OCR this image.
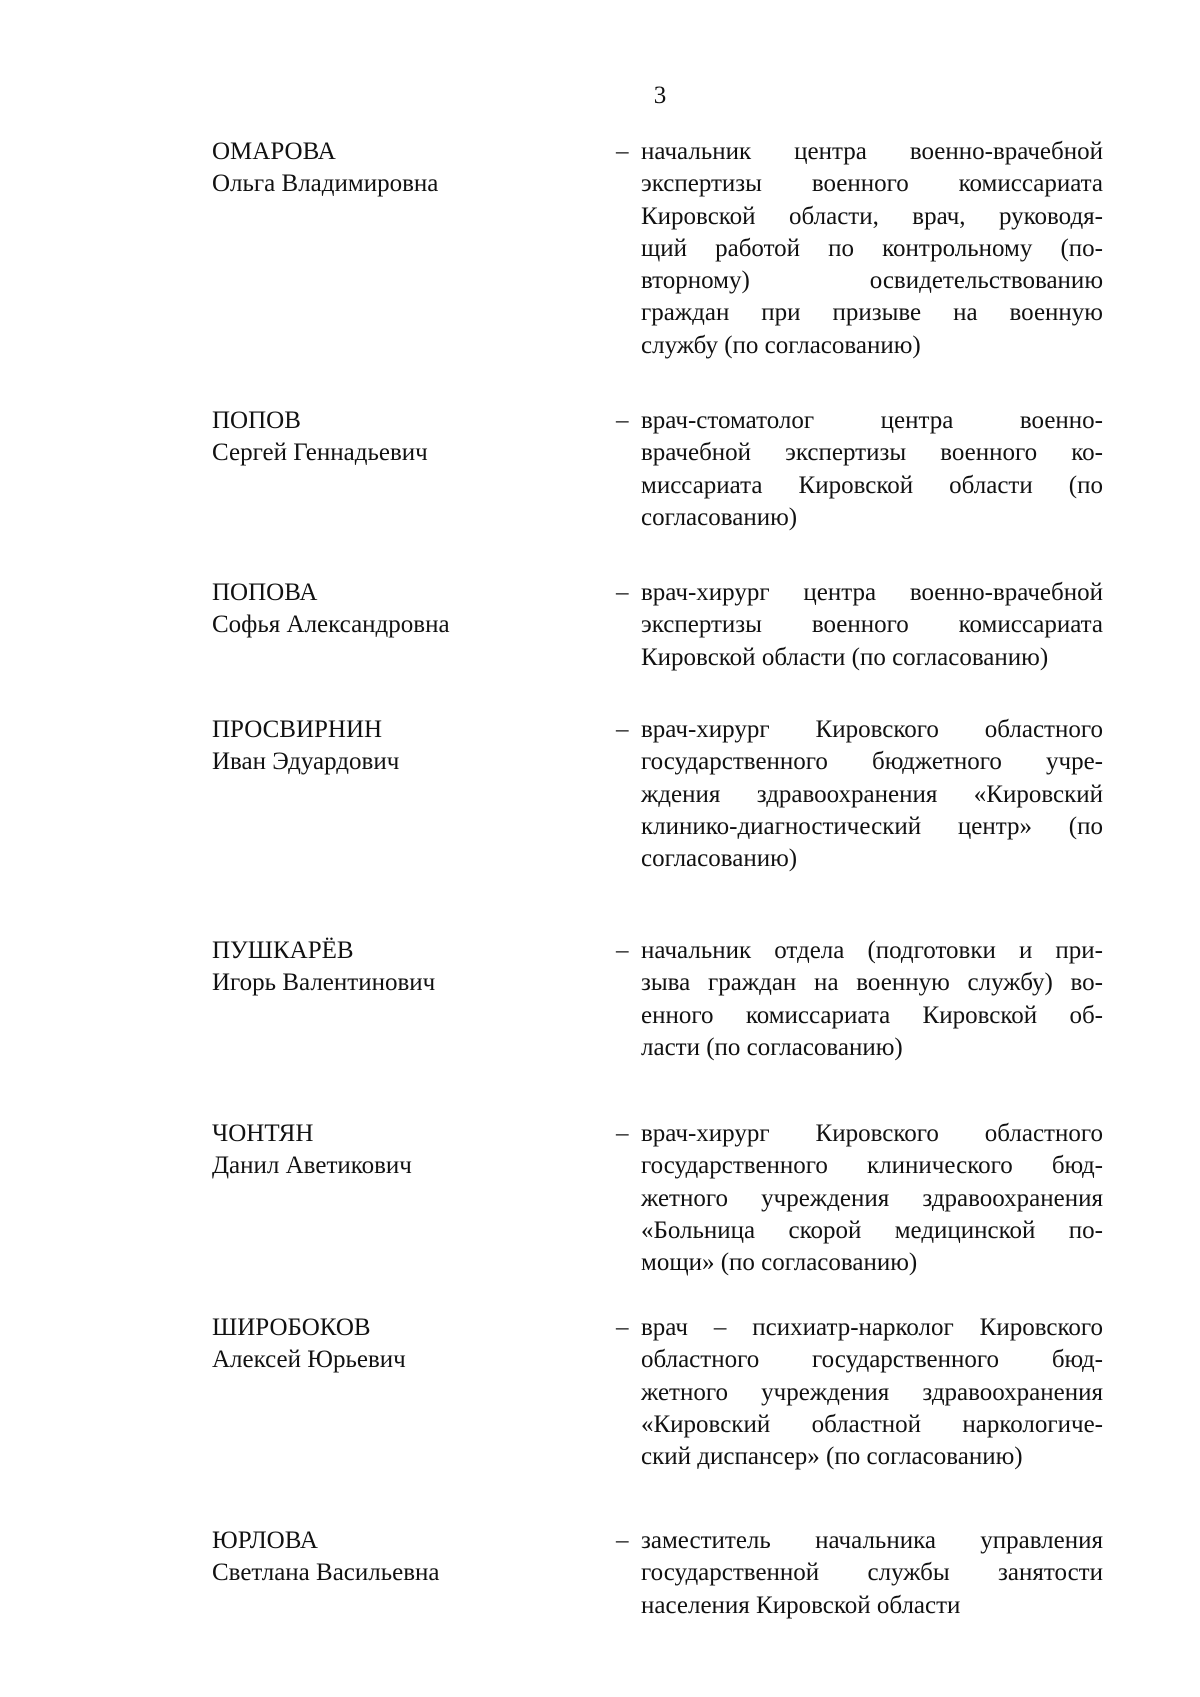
3
ОМАРОВА
Ольга Владимировна
– начальник центра военно-врачебной
экспертизы военного комиссариата
Кировской области, врач, руководя-
щий работой по контрольному (по-
вторному) освидетельствованию
граждан при призыве на военную
службу (по согласованию)
ПОПОВ
Сергей Геннадьевич
– врач-стоматолог центра военно-
врачебной экспертизы военного ко-
миссариата Кировской области (по
согласованию)
ПОПОВА
Софья Александровна
– врач-хирург центра военно-врачебной
экспертизы военного комиссариата
Кировской области (по согласованию)
ПРОСВИРНИН
Иван Эдуардович
– врач-хирург Кировского областного
государственного бюджетного учре-
ждения здравоохранения «Кировский
клинико-диагностический центр» (по
согласованию)
ПУШКАРЁВ
Игорь Валентинович
– начальник отдела (подготовки и при-
зыва граждан на военную службу) во-
енного комиссариата Кировской об-
ласти (по согласованию)
ЧОНТЯН
Данил Аветикович
– врач-хирург Кировского областного
государственного клинического бюд-
жетного учреждения здравоохранения
«Больница скорой медицинской по-
мощи» (по согласованию)
ШИРОБОКОВ
Алексей Юрьевич
– врач – психиатр-нарколог Кировского
областного государственного бюд-
жетного учреждения здравоохранения
«Кировский областной наркологиче-
ский диспансер» (по согласованию)
ЮРЛОВА
Светлана Васильевна
– заместитель начальника управления
государственной службы занятости
населения Кировской области
